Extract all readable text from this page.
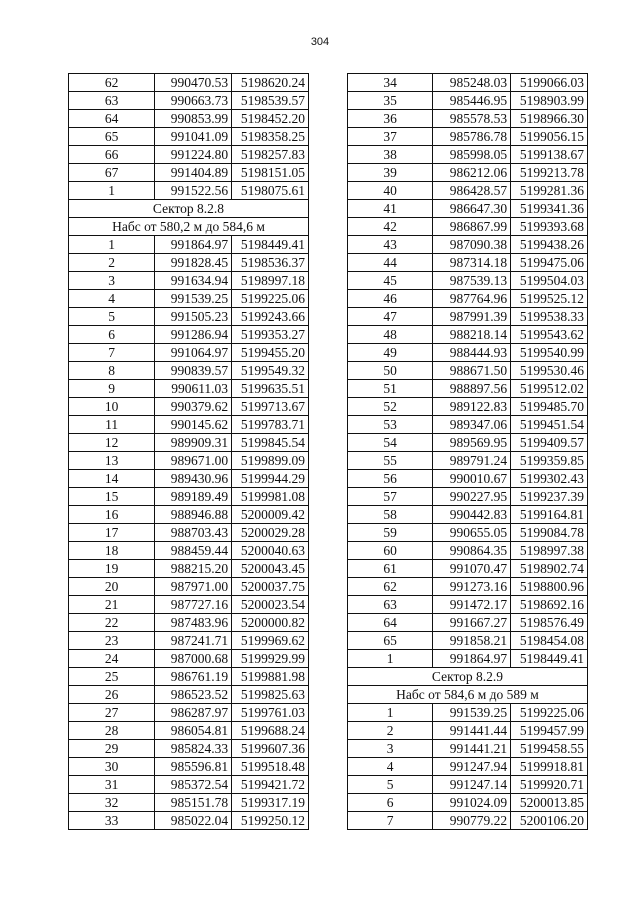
304
62	990470.53	5198620.24
63	990663.73	5198539.57
64	990853.99	5198452.20
65	991041.09	5198358.25
66	991224.80	5198257.83
67	991404.89	5198151.05
1	991522.56	5198075.61
Сектор 8.2.8		
Набс от 580,2 м до 584,6 м		
1	991864.97	5198449.41
2	991828.45	5198536.37
3	991634.94	5198997.18
4	991539.25	5199225.06
5	991505.23	5199243.66
6	991286.94	5199353.27
7	991064.97	5199455.20
8	990839.57	5199549.32
9	990611.03	5199635.51
10	990379.62	5199713.67
11	990145.62	5199783.71
12	989909.31	5199845.54
13	989671.00	5199899.09
14	989430.96	5199944.29
15	989189.49	5199981.08
16	988946.88	5200009.42
17	988703.43	5200029.28
18	988459.44	5200040.63
19	988215.20	5200043.45
20	987971.00	5200037.75
21	987727.16	5200023.54
22	987483.96	5200000.82
23	987241.71	5199969.62
24	987000.68	5199929.99
25	986761.19	5199881.98
26	986523.52	5199825.63
27	986287.97	5199761.03
28	986054.81	5199688.24
29	985824.33	5199607.36
30	985596.81	5199518.48
31	985372.54	5199421.72
32	985151.78	5199317.19
33	985022.04	5199250.12
34	985248.03	5199066.03
35	985446.95	5198903.99
36	985578.53	5198966.30
37	985786.78	5199056.15
38	985998.05	5199138.67
39	986212.06	5199213.78
40	986428.57	5199281.36
41	986647.30	5199341.36
42	986867.99	5199393.68
43	987090.38	5199438.26
44	987314.18	5199475.06
45	987539.13	5199504.03
46	987764.96	5199525.12
47	987991.39	5199538.33
48	988218.14	5199543.62
49	988444.93	5199540.99
50	988671.50	5199530.46
51	988897.56	5199512.02
52	989122.83	5199485.70
53	989347.06	5199451.54
54	989569.95	5199409.57
55	989791.24	5199359.85
56	990010.67	5199302.43
57	990227.95	5199237.39
58	990442.83	5199164.81
59	990655.05	5199084.78
60	990864.35	5198997.38
61	991070.47	5198902.74
62	991273.16	5198800.96
63	991472.17	5198692.16
64	991667.27	5198576.49
65	991858.21	5198454.08
1	991864.97	5198449.41
Сектор 8.2.9		
Набс от 584,6 м до 589 м		
1	991539.25	5199225.06
2	991441.44	5199457.99
3	991441.21	5199458.55
4	991247.94	5199918.81
5	991247.14	5199920.71
6	991024.09	5200013.85
7	990779.22	5200106.20
